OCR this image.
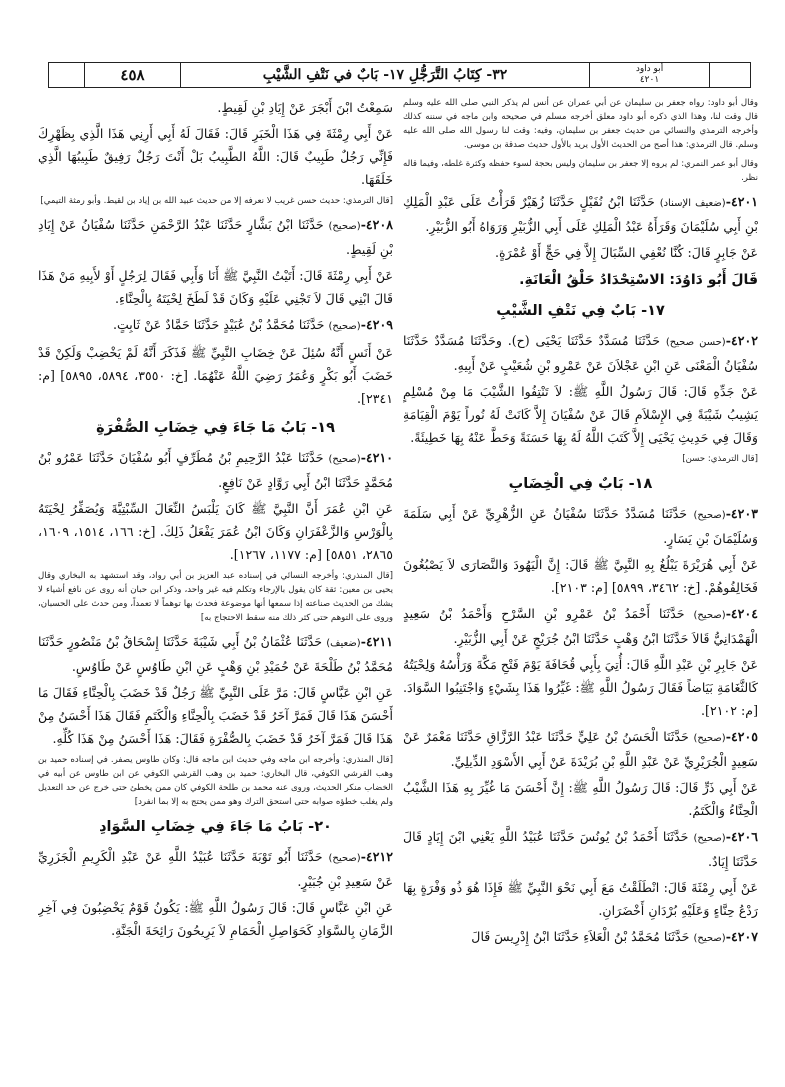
٤٥٨	٣٢- كِتَابُ التَّرَجُّلِ ١٧- بَابٌ في نَتْفِ الشَّيْبِ	أبو داود
٤٢٠١

وقال أبو داود: رواه جعفر بن سليمان عن أبي عمران عن أنس لم يذكر النبي صلى الله عليه وسلم قال وقت لنا، وهذا الذي ذكره أبو داود معلق أخرجه مسلم في صحيحه وابن ماجه في سننه كذلك وأخرجه الترمذي والنسائي من حديث جعفر بن سليمان، وفيه: وقت لنا رسول الله صلى الله عليه وسلم. قال الترمذي: هذا أصح من الحديث الأول يريد بالأول حديث صدقة بن موسى.

وقال أبو عمر النمري: لم يروه إلا جعفر بن سليمان وليس بحجة لسوء حفظه وكثرة غلطه، وفيما قاله نظر.

٤٢٠١-(ضعيف الإسناد) حَدَّثَنَا ابْنُ نُفَيْلٍ حَدَّثَنَا زُهَيْرٌ قَرَأْتُ عَلَى عَبْدِ الْمَلِكِ بْنِ أَبِي سُلَيْمَانَ وَقَرَأَهُ عَبْدُ الْمَلِكِ عَلَى أَبِي الزُّبَيْرِ وَرَوَاهُ أَبُو الزُّبَيْرِ.

عَنْ جَابِرٍ قَالَ: كُنَّا نُعْفِي السِّبَالَ إِلاَّ فِي حَجٍّ أَوْ عُمْرَةٍ.

قَالَ أَبُو دَاوُدَ: الاسْتِحْدَادُ حَلْقُ الْعَانَةِ.

١٧- بَابٌ فِي نَتْفِ الشَّيْبِ

٤٢٠٢-(حسن صحيح) حَدَّثَنَا مُسَدَّدٌ حَدَّثَنَا يَحْيَى (ح). وحَدَّثَنَا مُسَدَّدٌ حَدَّثَنَا سُفْيَانُ الْمَعْنَى عَنِ ابْنِ عَجْلاَنَ عَنْ عَمْرِو بْنِ شُعَيْبٍ عَنْ أَبِيهِ.

عَنْ جَدِّهِ قَالَ: قَالَ رَسُولُ اللَّهِ ﷺ: لاَ تَنْتِفُوا الشَّيْبَ مَا مِنْ مُسْلِمٍ يَشِيبُ شَيْبَةً فِي الإِسْلاَمِ قَالَ عَنْ سُفْيَانَ إِلاَّ كَانَتْ لَهُ نُوراً يَوْمَ الْقِيَامَةِ وَقَالَ فِي حَدِيثِ يَحْيَى إِلاَّ كَتَبَ اللَّهُ لَهُ بِهَا حَسَنَةً وَحَطَّ عَنْهُ بِهَا خَطِيئَةً.

[قال الترمذي: حسن]

١٨- بَابٌ فِي الْخِضَابِ

٤٢٠٣-(صحيح) حَدَّثَنَا مُسَدَّدٌ حَدَّثَنَا سُفْيَانُ عَنِ الزُّهْرِيِّ عَنْ أَبِي سَلَمَةَ وَسُلَيْمَانَ بْنِ يَسَارٍ.

عَنْ أَبِي هُرَيْرَةَ يَبْلُغُ بِهِ النَّبِيَّ ﷺ قَالَ: إِنَّ الْيَهُودَ وَالنَّصَارَى لاَ يَصْبُغُونَ فَخَالِفُوهُمْ. [خ: ٣٤٦٢، ٥٨٩٩] [م: ٢١٠٣].

٤٢٠٤-(صحيح) حَدَّثَنَا أَحْمَدُ بْنُ عَمْرِو بْنِ السَّرْحِ وَأَحْمَدُ بْنُ سَعِيدٍ الْهَمْدَانِيُّ قَالاَ حَدَّثَنَا ابْنُ وَهْبٍ حَدَّثَنَا ابْنُ جُرَيْجٍ عَنْ أَبِي الزُّبَيْرِ.

عَنْ جَابِرِ بْنِ عَبْدِ اللَّهِ قَالَ: أُتِيَ بِأَبِي قُحَافَةَ يَوْمَ فَتْحِ مَكَّةَ وَرَأْسُهُ وَلِحْيَتُهُ كَالثَّغَامَةِ بَيَاضاً فَقَالَ رَسُولُ اللَّهِ ﷺ: غَيِّرُوا هَذَا بِشَيْءٍ وَاجْتَنِبُوا السَّوَادَ. [م: ٢١٠٢].

٤٢٠٥-(صحيح) حَدَّثَنَا الْحَسَنُ بْنُ عَلِيٍّ حَدَّثَنَا عَبْدُ الرَّزَّاقِ حَدَّثَنَا مَعْمَرٌ عَنْ سَعِيدٍ الْجُرَيْرِيِّ عَنْ عَبْدِ اللَّهِ بْنِ بُرَيْدَةَ عَنْ أَبِي الأَسْوَدِ الدِّيلِيِّ.

عَنْ أَبِي ذَرٍّ قَالَ: قَالَ رَسُولُ اللَّهِ ﷺ: إِنَّ أَحْسَنَ مَا غُيِّرَ بِهِ هَذَا الشَّيْبُ الْحِنَّاءُ وَالْكَتَمُ.

٤٢٠٦-(صحيح) حَدَّثَنَا أَحْمَدُ بْنُ يُونُسَ حَدَّثَنَا عُبَيْدُ اللَّهِ يَعْنِي ابْنَ إِيَادٍ قَالَ حَدَّثَنَا إِيَادٌ.

عَنْ أَبِي رِمْثَةَ قَالَ: انْطَلَقْتُ مَعَ أَبِي نَحْوَ النَّبِيِّ ﷺ فَإِذَا هُوَ ذُو وَفْرَةٍ بِهَا رَدْعُ حِنَّاءٍ وَعَلَيْهِ بُرْدَانِ أَخْضَرَانِ.

٤٢٠٧-(صحيح) حَدَّثَنَا مُحَمَّدُ بْنُ الْعَلاَءِ حَدَّثَنَا ابْنُ إِدْرِيسَ قَالَ

سَمِعْتُ ابْنَ أَبْجَرَ عَنْ إِيَادِ بْنِ لَقِيطٍ.

عَنْ أَبِي رِمْثَةَ فِي هَذَا الْخَبَرِ قَالَ: فَقَالَ لَهُ أَبِي أَرِنِي هَذَا الَّذِي بِظَهْرِكَ فَإِنِّي رَجُلٌ طَبِيبٌ قَالَ: اللَّهُ الطَّبِيبُ بَلْ أَنْتَ رَجُلٌ رَفِيقٌ طَبِيبُهَا الَّذِي خَلَقَهَا.

[قال الترمذي: حديث حسن غريب لا نعرفه إلا من حديث عبيد الله بن إياد بن لقيط. وأبو رمثة التيمي]

٤٢٠٨-(صحيح) حَدَّثَنَا ابْنُ بَشَّارٍ حَدَّثَنَا عَبْدُ الرَّحْمَنِ حَدَّثَنَا سُفْيَانُ عَنْ إِيَادِ بْنِ لَقِيطٍ.

عَنْ أَبِي رِمْثَةَ قَالَ: أَتَيْتُ النَّبِيَّ ﷺ أَنَا وَأَبِي فَقَالَ لِرَجُلٍ أَوْ لأَبِيهِ مَنْ هَذَا قَالَ ابْنِي قَالَ لاَ تَجْنِي عَلَيْهِ وَكَانَ قَدْ لَطَخَ لِحْيَتَهُ بِالْحِنَّاءِ.

٤٢٠٩-(صحيح) حَدَّثَنَا مُحَمَّدُ بْنُ عُبَيْدٍ حَدَّثَنَا حَمَّادٌ عَنْ ثَابِتٍ.

عَنْ أَنَسٍ أَنَّهُ سُئِلَ عَنْ خِضَابِ النَّبِيِّ ﷺ فَذَكَرَ أَنَّهُ لَمْ يَخْضِبْ وَلَكِنْ قَدْ خَضَبَ أَبُو بَكْرٍ وَعُمَرُ رَضِيَ اللَّهُ عَنْهُمَا. [خ: ٣٥٥٠، ٥٨٩٤، ٥٨٩٥] [م: ٢٣٤١].

١٩- بَابُ مَا جَاءَ فِي خِضَابِ الصُّفْرَةِ

٤٢١٠-(صحيح) حَدَّثَنَا عَبْدُ الرَّحِيمِ بْنُ مُطَرِّفٍ أَبُو سُفْيَانَ حَدَّثَنَا عَمْرُو بْنُ مُحَمَّدٍ حَدَّثَنَا ابْنُ أَبِي رَوَّادٍ عَنْ نَافِعٍ.

عَنِ ابْنِ عُمَرَ أَنَّ النَّبِيَّ ﷺ كَانَ يَلْبَسُ النِّعَالَ السِّبْتِيَّةَ وَيُصَفِّرُ لِحْيَتَهُ بِالْوَرْسِ وَالزَّعْفَرَانِ وَكَانَ ابْنُ عُمَرَ يَفْعَلُ ذَلِكَ. [خ: ١٦٦، ١٥١٤، ١٦٠٩، ٢٨٦٥، ٥٨٥١] [م: ١١٧٧، ١٢٦٧].

[قال المنذري: وأخرجه النسائي في إسناده عبد العزيز بن أبي رواد، وقد استشهد به البخاري وقال يحيى بن معين: ثقة كان يقول بالإرجاء وتكلم فيه غير واحد، وذكر ابن حبان أنه روى عن نافع أشياء لا يشك من الحديث صناعته إذا سمعها أنها موضوعة فحدث بها توهماً لا تعمداً، ومن حدث على الحسبان، وروى على التوهم حتى كثر ذلك منه سقط الاحتجاج به]

٤٢١١-(ضعيف) حَدَّثَنَا عُثْمَانُ بْنُ أَبِي شَيْبَةَ حَدَّثَنَا إِسْحَاقُ بْنُ مَنْصُورٍ حَدَّثَنَا مُحَمَّدُ بْنُ طَلْحَةَ عَنْ حُمَيْدِ بْنِ وَهْبٍ عَنِ ابْنِ طَاوُسٍ عَنْ طَاوُسٍ.

عَنِ ابْنِ عَبَّاسٍ قَالَ: مَرَّ عَلَى النَّبِيِّ ﷺ رَجُلٌ قَدْ خَضَبَ بِالْحِنَّاءِ فَقَالَ مَا أَحْسَنَ هَذَا قَالَ فَمَرَّ آخَرُ قَدْ خَضَبَ بِالْحِنَّاءِ وَالْكَتَمِ فَقَالَ هَذَا أَحْسَنُ مِنْ هَذَا قَالَ فَمَرَّ آخَرُ قَدْ خَضَبَ بِالصُّفْرَةِ فَقَالَ: هَذَا أَحْسَنُ مِنْ هَذَا كُلِّهِ.

[قال المنذري: وأخرجه ابن ماجه وفي حديث ابن ماجه قال: وكان طاوس يصفر. في إسناده حميد بن وهب القرشي الكوفي، قال البخاري: حميد بن وهب القرشي الكوفي عن ابن طاوس عن أبيه في الخضاب منكر الحديث، وروى عنه محمد بن طلحة الكوفي كان ممن يخطئ حتى خرج عن حد التعديل ولم يغلب خطؤه صوابه حتى استحق الترك وهو ممن يحتج به إلا بما انفرد]

٢٠- بَابُ مَا جَاءَ فِي خِضَابِ السَّوَادِ

٤٢١٢-(صحيح) حَدَّثَنَا أَبُو تَوْبَةَ حَدَّثَنَا عُبَيْدُ اللَّهِ عَنْ عَبْدِ الْكَرِيمِ الْجَزَرِيِّ عَنْ سَعِيدِ بْنِ جُبَيْرٍ.

عَنِ ابْنِ عَبَّاسٍ قَالَ: قَالَ رَسُولُ اللَّهِ ﷺ: يَكُونُ قَوْمٌ يَخْضِبُونَ فِي آخِرِ الزَّمَانِ بِالسَّوَادِ كَحَوَاصِلِ الْحَمَامِ لاَ يَرِيحُونَ رَائِحَةَ الْجَنَّةِ.
